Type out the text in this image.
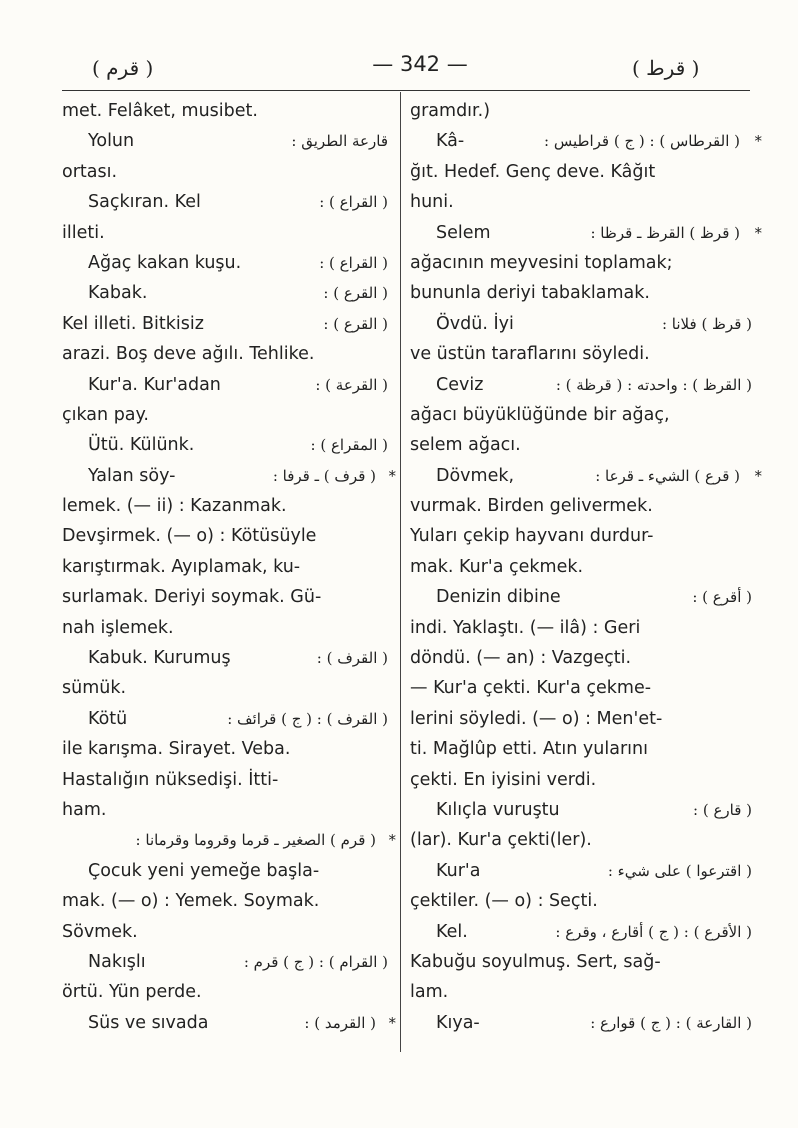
( قرم )	— 342 —	( قرط )
met. Felâket, musibet.
Yolun	قارعة الطريق :
ortası.
Saçkıran. Kel	( القراع ) :
illeti.
Ağaç kakan kuşu.	( القراع ) :
Kabak.	( القرع ) :
Kel illeti. Bitkisiz	( القرع ) :
arazi. Boş deve ağılı. Tehlike.
Kur'a. Kur'adan	( القرعة ) :
çıkan pay.
Ütü. Külünk.	( المقراع ) :
Yalan söy-	( قرف ) ـ قرفا : *
lemek. (— ii) : Kazanmak.
Devşirmek. (— o) : Kötüsüyle
karıştırmak. Ayıplamak, ku-
surlamak. Deriyi soymak. Gü-
nah işlemek.
Kabuk. Kurumuş	( القرف ) :
sümük.
Kötü	( القرف ) : ( ج ) قرائف :
ile karışma. Sirayet. Veba.
Hastalığın nüksedişi. İtti-
ham.
( قرم ) الصغير ـ قرما وقروما وقرمانا : *
Çocuk yeni yemeğe başla-
mak. (— o) : Yemek. Soymak.
Sövmek.
Nakışlı	( القرام ) : ( ج ) قرم :
örtü. Yün perde.
Süs ve sıvada	( القرمد ) : *
gramdır.)
Kâ-	( القرطاس ) : ( ج ) قراطيس : *
ğıt. Hedef. Genç deve. Kâğıt
huni.
Selem	( قرظ ) القرظ ـ قرظا : *
ağacının meyvesini toplamak;
bununla deriyi tabaklamak.
Övdü. İyi	( قرظ ) فلانا :
ve üstün taraflarını söyledi.
Ceviz	( القرظ ) : واحدته : ( قرظة ) :
ağacı büyüklüğünde bir ağaç,
selem ağacı.
Dövmek,	( قرع ) الشيء ـ قرعا : *
vurmak. Birden gelivermek.
Yuları çekip hayvanı durdur-
mak. Kur'a çekmek.
Denizin dibine	( أقرع ) :
indi. Yaklaştı. (— ilâ) : Geri
döndü. (— an) : Vazgeçti.
— Kur'a çekti. Kur'a çekme-
lerini söyledi. (— o) : Men'et-
ti. Mağlûp etti. Atın yularını
çekti. En iyisini verdi.
Kılıçla vuruştu	( قارع ) :
(lar). Kur'a çekti(ler).
Kur'a	( اقترعوا ) على شيء :
çektiler. (— o) : Seçti.
Kel.	( الأقرع ) : ( ج ) أقارع ، وقرع :
Kabuğu soyulmuş. Sert, sağ-
lam.
Kıya-	( القارعة ) : ( ج ) قوارع :
